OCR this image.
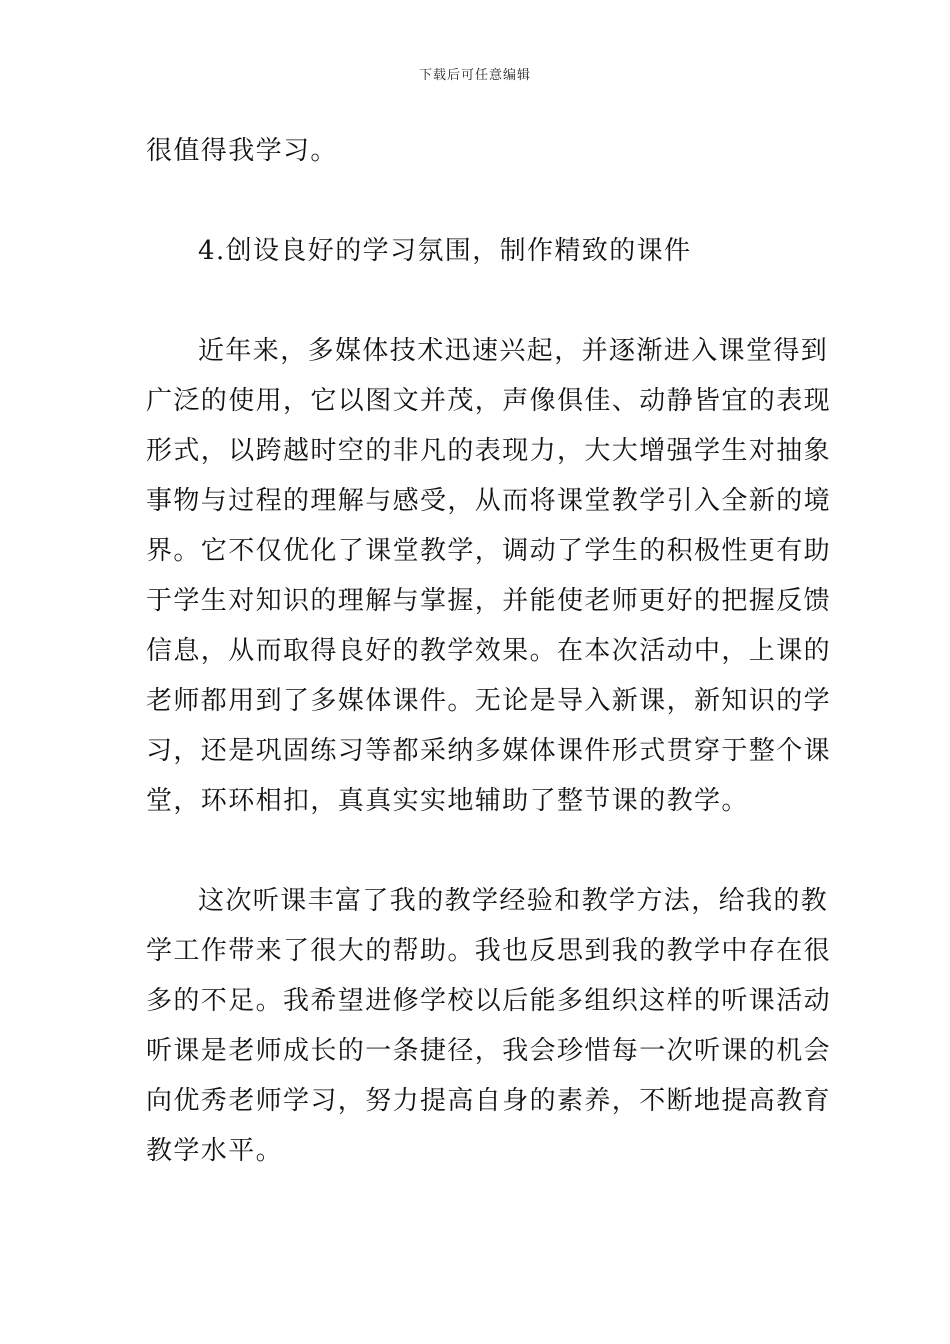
下载后可任意编辑
很值得我学习。
4.创设良好的学习氛围，制作精致的课件
近年来，多媒体技术迅速兴起，并逐渐进入课堂得到
广泛的使用，它以图文并茂，声像俱佳、动静皆宜的表现
形式，以跨越时空的非凡的表现力，大大增强学生对抽象
事物与过程的理解与感受，从而将课堂教学引入全新的境
界。它不仅优化了课堂教学，调动了学生的积极性更有助
于学生对知识的理解与掌握，并能使老师更好的把握反馈
信息，从而取得良好的教学效果。在本次活动中，上课的
老师都用到了多媒体课件。无论是导入新课，新知识的学
习，还是巩固练习等都采纳多媒体课件形式贯穿于整个课
堂，环环相扣，真真实实地辅助了整节课的教学。
这次听课丰富了我的教学经验和教学方法，给我的教
学工作带来了很大的帮助。我也反思到我的教学中存在很
多的不足。我希望进修学校以后能多组织这样的听课活动
听课是老师成长的一条捷径，我会珍惜每一次听课的机会
向优秀老师学习，努力提高自身的素养，不断地提高教育
教学水平。
